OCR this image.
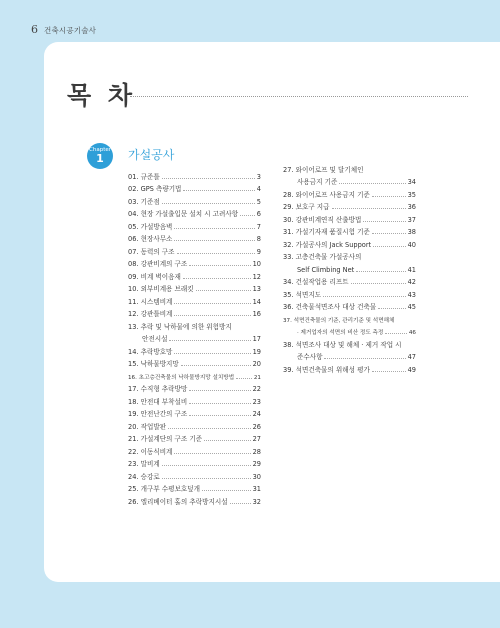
6 건축시공기술사
목 차
Chapter
1	가설공사
01. 규준틀	3
02. GPS 측량기법	4
03. 기준점	5
04. 현장 가설출입문 설치 시 고려사항	6
05. 가설방음벽	7
06. 현장사무소	8
07. 동력의 구조	9
08. 강관비계의 구조	10
09. 비계 벽이음재	12
10. 외부비계용 브래킷	13
11. 시스템비계	14
12. 강관틀비계	16
13. 추락 및 낙하물에 의한 위험방지
안전시설	17
14. 추락방호망	19
15. 낙하물방지망	20
16. 초고층건축물의 낙하물방지망 설치방법	21
17. 수직형 추락방망	22
18. 안전대 부착설비	23
19. 안전난간의 구조	24
20. 작업발판	26
21. 가설계단의 구조 기준	27
22. 이동식비계	28
23. 말비계	29
24. 승강로	30
25. 개구부 수평보호덮개	31
26. 엘리베이터 홀의 추락방지시설	32
27. 와이어로프 및 달기체인
사용금지 기준	34
28. 와이어로프 사용금지 기준	35
29. 보호구 지급	36
30. 강관비계연직 산출방법	37
31. 가설기자재 품질시험 기준	38
32. 가설공사의 Jack Support	40
33. 고층건축물 가설공사의
Self Climbing Net	41
34. 건설작업용 리프트	42
35. 석면지도	43
36. 건축물석면조사 대상 건축물	45
37. 석면건축물의 기준, 관리기준 및 석면해체
· 제거업자의 석면의 비산 정도 측정	46
38. 석면조사 대상 및 해체 · 제거 작업 시
준수사항	47
39. 석면건축물의 위해성 평가	49
